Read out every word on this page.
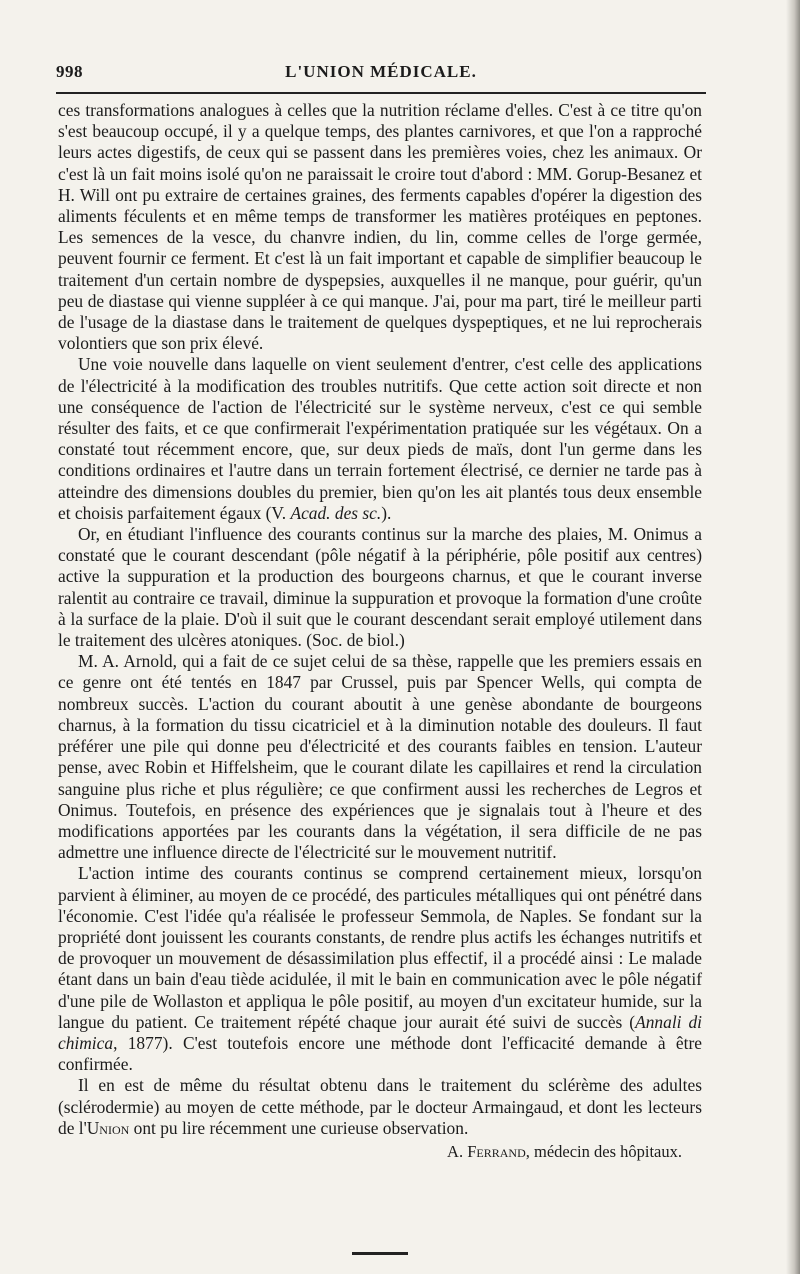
998	L'UNION MÉDICALE.

ces transformations analogues à celles que la nutrition réclame d'elles. C'est à ce titre qu'on s'est beaucoup occupé, il y a quelque temps, des plantes carnivores, et que l'on a rapproché leurs actes digestifs, de ceux qui se passent dans les premières voies, chez les animaux. Or c'est là un fait moins isolé qu'on ne paraissait le croire tout d'abord : MM. Gorup-Besanez et H. Will ont pu extraire de certaines graines, des ferments capables d'opérer la digestion des aliments féculents et en même temps de transformer les matières protéiques en peptones. Les semences de la vesce, du chanvre indien, du lin, comme celles de l'orge germée, peuvent fournir ce ferment. Et c'est là un fait important et capable de simplifier beaucoup le traitement d'un certain nombre de dyspepsies, auxquelles il ne manque, pour guérir, qu'un peu de diastase qui vienne suppléer à ce qui manque. J'ai, pour ma part, tiré le meilleur parti de l'usage de la diastase dans le traitement de quelques dyspeptiques, et ne lui reprocherais volontiers que son prix élevé.

Une voie nouvelle dans laquelle on vient seulement d'entrer, c'est celle des applications de l'électricité à la modification des troubles nutritifs. Que cette action soit directe et non une conséquence de l'action de l'électricité sur le système nerveux, c'est ce qui semble résulter des faits, et ce que confirmerait l'expérimentation pratiquée sur les végétaux. On a constaté tout récemment encore, que, sur deux pieds de maïs, dont l'un germe dans les conditions ordinaires et l'autre dans un terrain fortement électrisé, ce dernier ne tarde pas à atteindre des dimensions doubles du premier, bien qu'on les ait plantés tous deux ensemble et choisis parfaitement égaux (V. Acad. des sc.).

Or, en étudiant l'influence des courants continus sur la marche des plaies, M. Onimus a constaté que le courant descendant (pôle négatif à la périphérie, pôle positif aux centres) active la suppuration et la production des bourgeons charnus, et que le courant inverse ralentit au contraire ce travail, diminue la suppuration et provoque la formation d'une croûte à la surface de la plaie. D'où il suit que le courant descendant serait employé utilement dans le traitement des ulcères atoniques. (Soc. de biol.)

M. A. Arnold, qui a fait de ce sujet celui de sa thèse, rappelle que les premiers essais en ce genre ont été tentés en 1847 par Crussel, puis par Spencer Wells, qui compta de nombreux succès. L'action du courant aboutit à une genèse abondante de bourgeons charnus, à la formation du tissu cicatriciel et à la diminution notable des douleurs. Il faut préférer une pile qui donne peu d'électricité et des courants faibles en tension. L'auteur pense, avec Robin et Hiffelsheim, que le courant dilate les capillaires et rend la circulation sanguine plus riche et plus régulière; ce que confirment aussi les recherches de Legros et Onimus. Toutefois, en présence des expériences que je signalais tout à l'heure et des modifications apportées par les courants dans la végétation, il sera difficile de ne pas admettre une influence directe de l'électricité sur le mouvement nutritif.

L'action intime des courants continus se comprend certainement mieux, lorsqu'on parvient à éliminer, au moyen de ce procédé, des particules métalliques qui ont pénétré dans l'économie. C'est l'idée qu'a réalisée le professeur Semmola, de Naples. Se fondant sur la propriété dont jouissent les courants constants, de rendre plus actifs les échanges nutritifs et de provoquer un mouvement de désassimilation plus effectif, il a procédé ainsi : Le malade étant dans un bain d'eau tiède acidulée, il mit le bain en communication avec le pôle négatif d'une pile de Wollaston et appliqua le pôle positif, au moyen d'un excitateur humide, sur la langue du patient. Ce traitement répété chaque jour aurait été suivi de succès (Annali di chimica, 1877). C'est toutefois encore une méthode dont l'efficacité demande à être confirmée.

Il en est de même du résultat obtenu dans le traitement du sclérème des adultes (sclérodermie) au moyen de cette méthode, par le docteur Armaingaud, et dont les lecteurs de l'Union ont pu lire récemment une curieuse observation.

A. Ferrand, médecin des hôpitaux.
